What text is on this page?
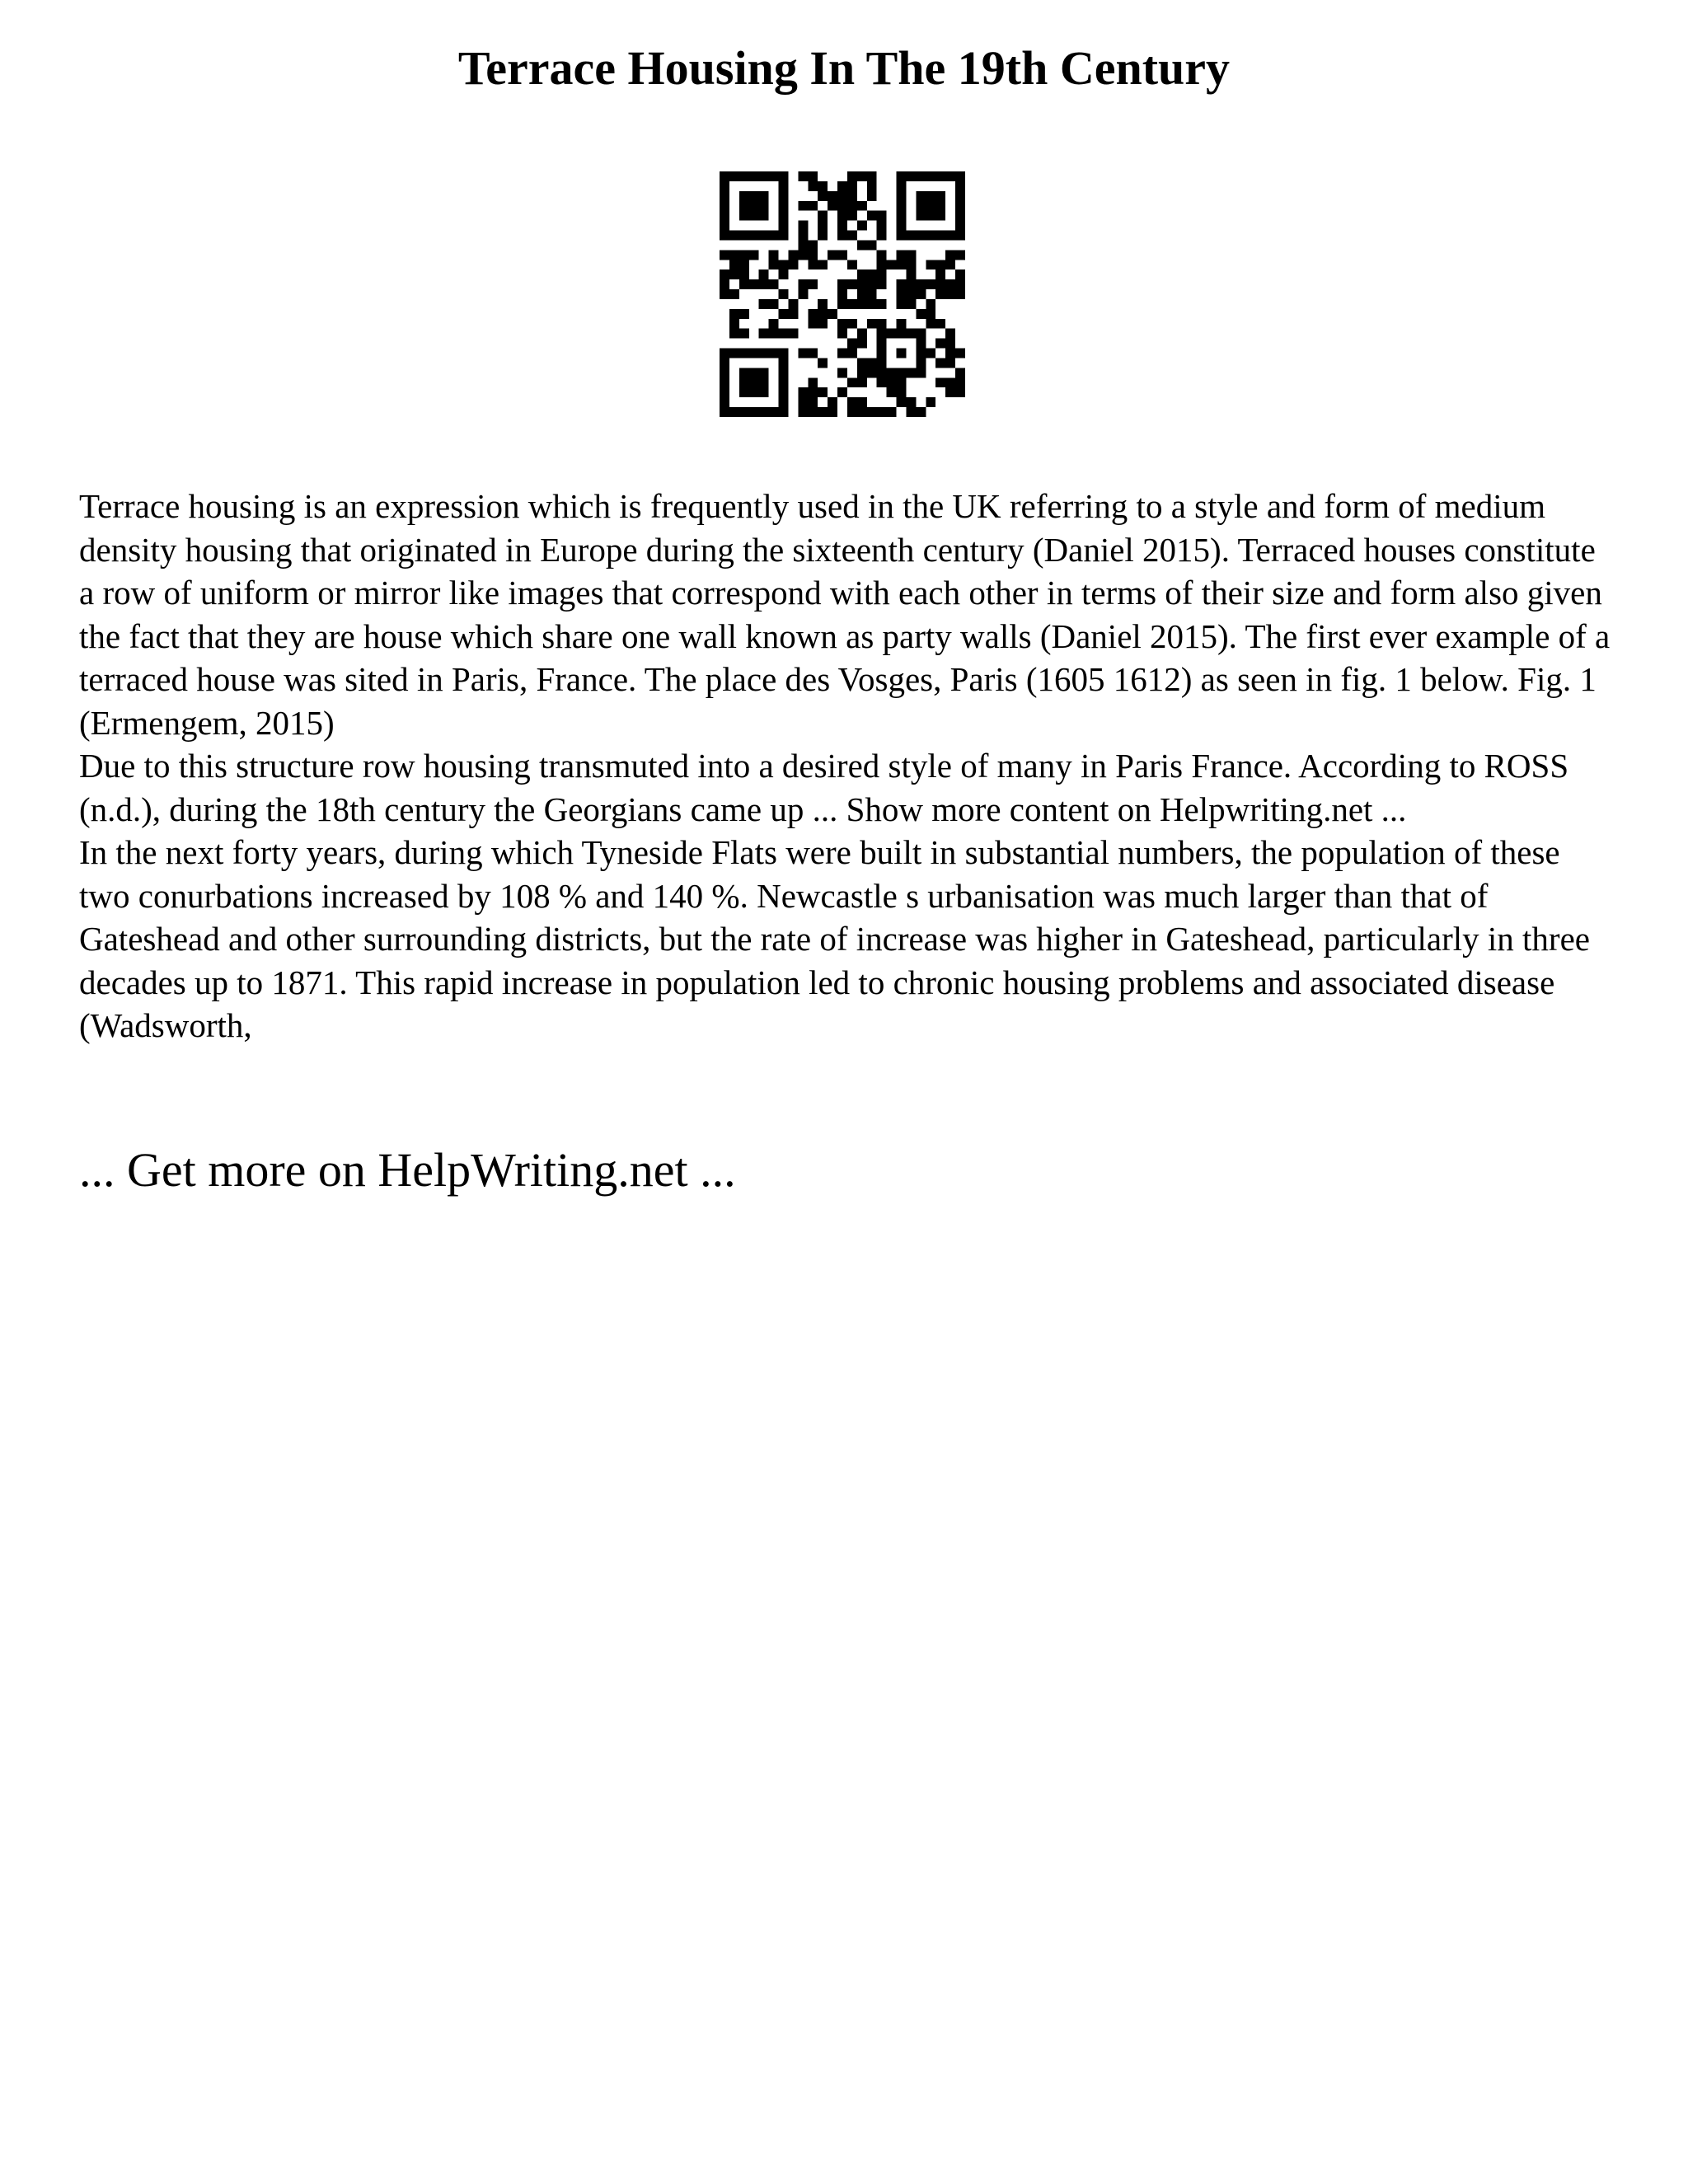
Terrace Housing In The 19th Century

Terrace housing is an expression which is frequently used in the UK referring to a style and form of medium density housing that originated in Europe during the sixteenth century (Daniel 2015). Terraced houses constitute a row of uniform or mirror like images that correspond with each other in terms of their size and form also given the fact that they are house which share one wall known as party walls (Daniel 2015). The first ever example of a terraced house was sited in Paris, France. The place des Vosges, Paris (1605 1612) as seen in fig. 1 below. Fig. 1 (Ermengem, 2015)

Due to this structure row housing transmuted into a desired style of many in Paris France. According to ROSS (n.d.), during the 18th century the Georgians came up ... Show more content on Helpwriting.net ...

In the next forty years, during which Tyneside Flats were built in substantial numbers, the population of these two conurbations increased by 108 % and 140 %. Newcastle s urbanisation was much larger than that of Gateshead and other surrounding districts, but the rate of increase was higher in Gateshead, particularly in three decades up to 1871. This rapid increase in population led to chronic housing problems and associated disease (Wadsworth,

... Get more on HelpWriting.net ...
